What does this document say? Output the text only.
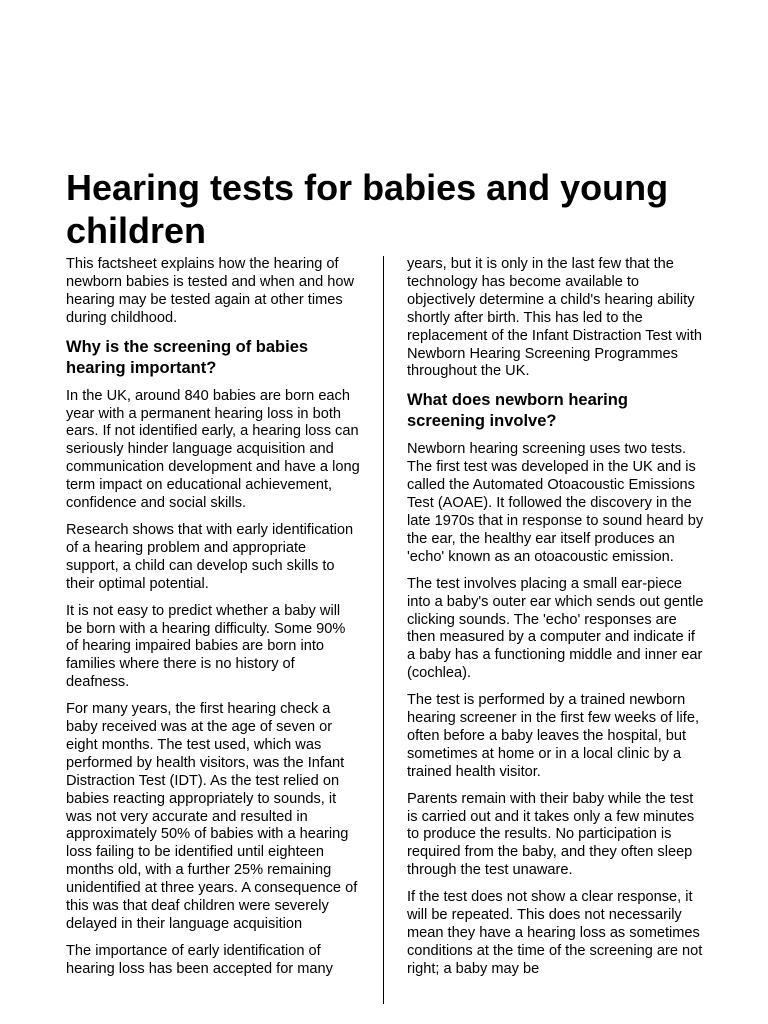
Hearing tests for babies and young children

This factsheet explains how the hearing of newborn babies is tested and when and how hearing may be tested again at other times during childhood.

Why is the screening of babies hearing important?

In the UK, around 840 babies are born each year with a permanent hearing loss in both ears. If not identified early, a hearing loss can seriously hinder language acquisition and communication development and have a long term impact on educational achievement, confidence and social skills.

Research shows that with early identification of a hearing problem and appropriate support, a child can develop such skills to their optimal potential.

It is not easy to predict whether a baby will be born with a hearing difficulty. Some 90% of hearing impaired babies are born into families where there is no history of deafness.

For many years, the first hearing check a baby received was at the age of seven or eight months. The test used, which was performed by health visitors, was the Infant Distraction Test (IDT). As the test relied on babies reacting appropriately to sounds, it was not very accurate and resulted in approximately 50% of babies with a hearing loss failing to be identified until eighteen months old, with a further 25% remaining unidentified at three years. A consequence of this was that deaf children were severely delayed in their language acquisition

The importance of early identification of hearing loss has been accepted for many

years, but it is only in the last few that the technology has become available to objectively determine a child's hearing ability shortly after birth. This has led to the replacement of the Infant Distraction Test with Newborn Hearing Screening Programmes throughout the UK.

What does newborn hearing screening involve?

Newborn hearing screening uses two tests. The first test was developed in the UK and is called the Automated Otoacoustic Emissions Test (AOAE). It followed the discovery in the late 1970s that in response to sound heard by the ear, the healthy ear itself produces an 'echo' known as an otoacoustic emission.

The test involves placing a small ear-piece into a baby's outer ear which sends out gentle clicking sounds. The 'echo' responses are then measured by a computer and indicate if a baby has a functioning middle and inner ear (cochlea).

The test is performed by a trained newborn hearing screener in the first few weeks of life, often before a baby leaves the hospital, but sometimes at home or in a local clinic by a trained health visitor.

Parents remain with their baby while the test is carried out and it takes only a few minutes to produce the results. No participation is required from the baby, and they often sleep through the test unaware.

If the test does not show a clear response, it will be repeated. This does not necessarily mean they have a hearing loss as sometimes conditions at the time of the screening are not right; a baby may be
